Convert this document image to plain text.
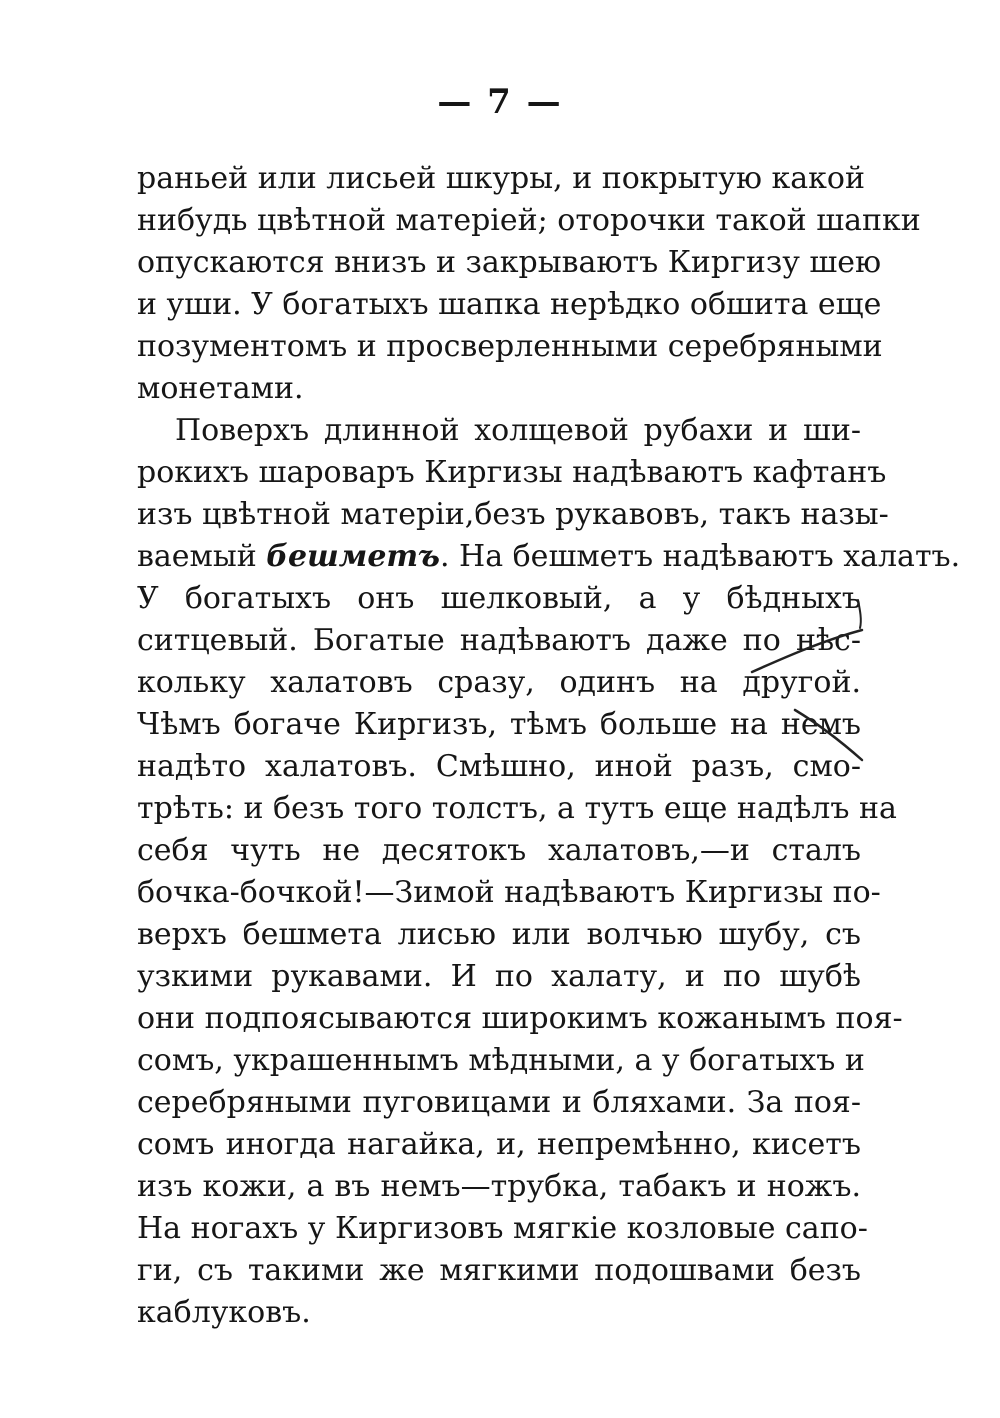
— 7 —
раньей или лисьей шкуры, и покрытую какой
нибудь цвѣтной матеріей; оторочки такой шапки
опускаются внизъ и закрываютъ Киргизу шею
и уши. У богатыхъ шапка нерѣдко обшита еще
позументомъ и просверленными серебряными
монетами.
Поверхъ длинной холщевой рубахи и ши-
рокихъ шароваръ Киргизы надѣваютъ кафтанъ
изъ цвѣтной матеріи,безъ рукавовъ, такъ назы-
ваемый бешметъ. На бешметъ надѣваютъ халатъ.
У богатыхъ онъ шелковый, а у бѣдныхъ
ситцевый. Богатые надѣваютъ даже по нѣс-
кольку халатовъ сразу, одинъ на другой.
Чѣмъ богаче Киргизъ, тѣмъ больше на немъ
надѣто халатовъ. Смѣшно, иной разъ, смо-
трѣть: и безъ того толстъ, а тутъ еще надѣлъ на
себя чуть не десятокъ халатовъ,—и сталъ
бочка-бочкой!—Зимой надѣваютъ Киргизы по-
верхъ бешмета лисью или волчью шубу, съ
узкими рукавами. И по халату, и по шубѣ
они подпоясываются широкимъ кожанымъ поя-
сомъ, украшеннымъ мѣдными, а у богатыхъ и
серебряными пуговицами и бляхами. За поя-
сомъ иногда нагайка, и, непремѣнно, кисетъ
изъ кожи, а въ немъ—трубка, табакъ и ножъ.
На ногахъ у Киргизовъ мягкіе козловые сапо-
ги, съ такими же мягкими подошвами безъ
каблуковъ.
